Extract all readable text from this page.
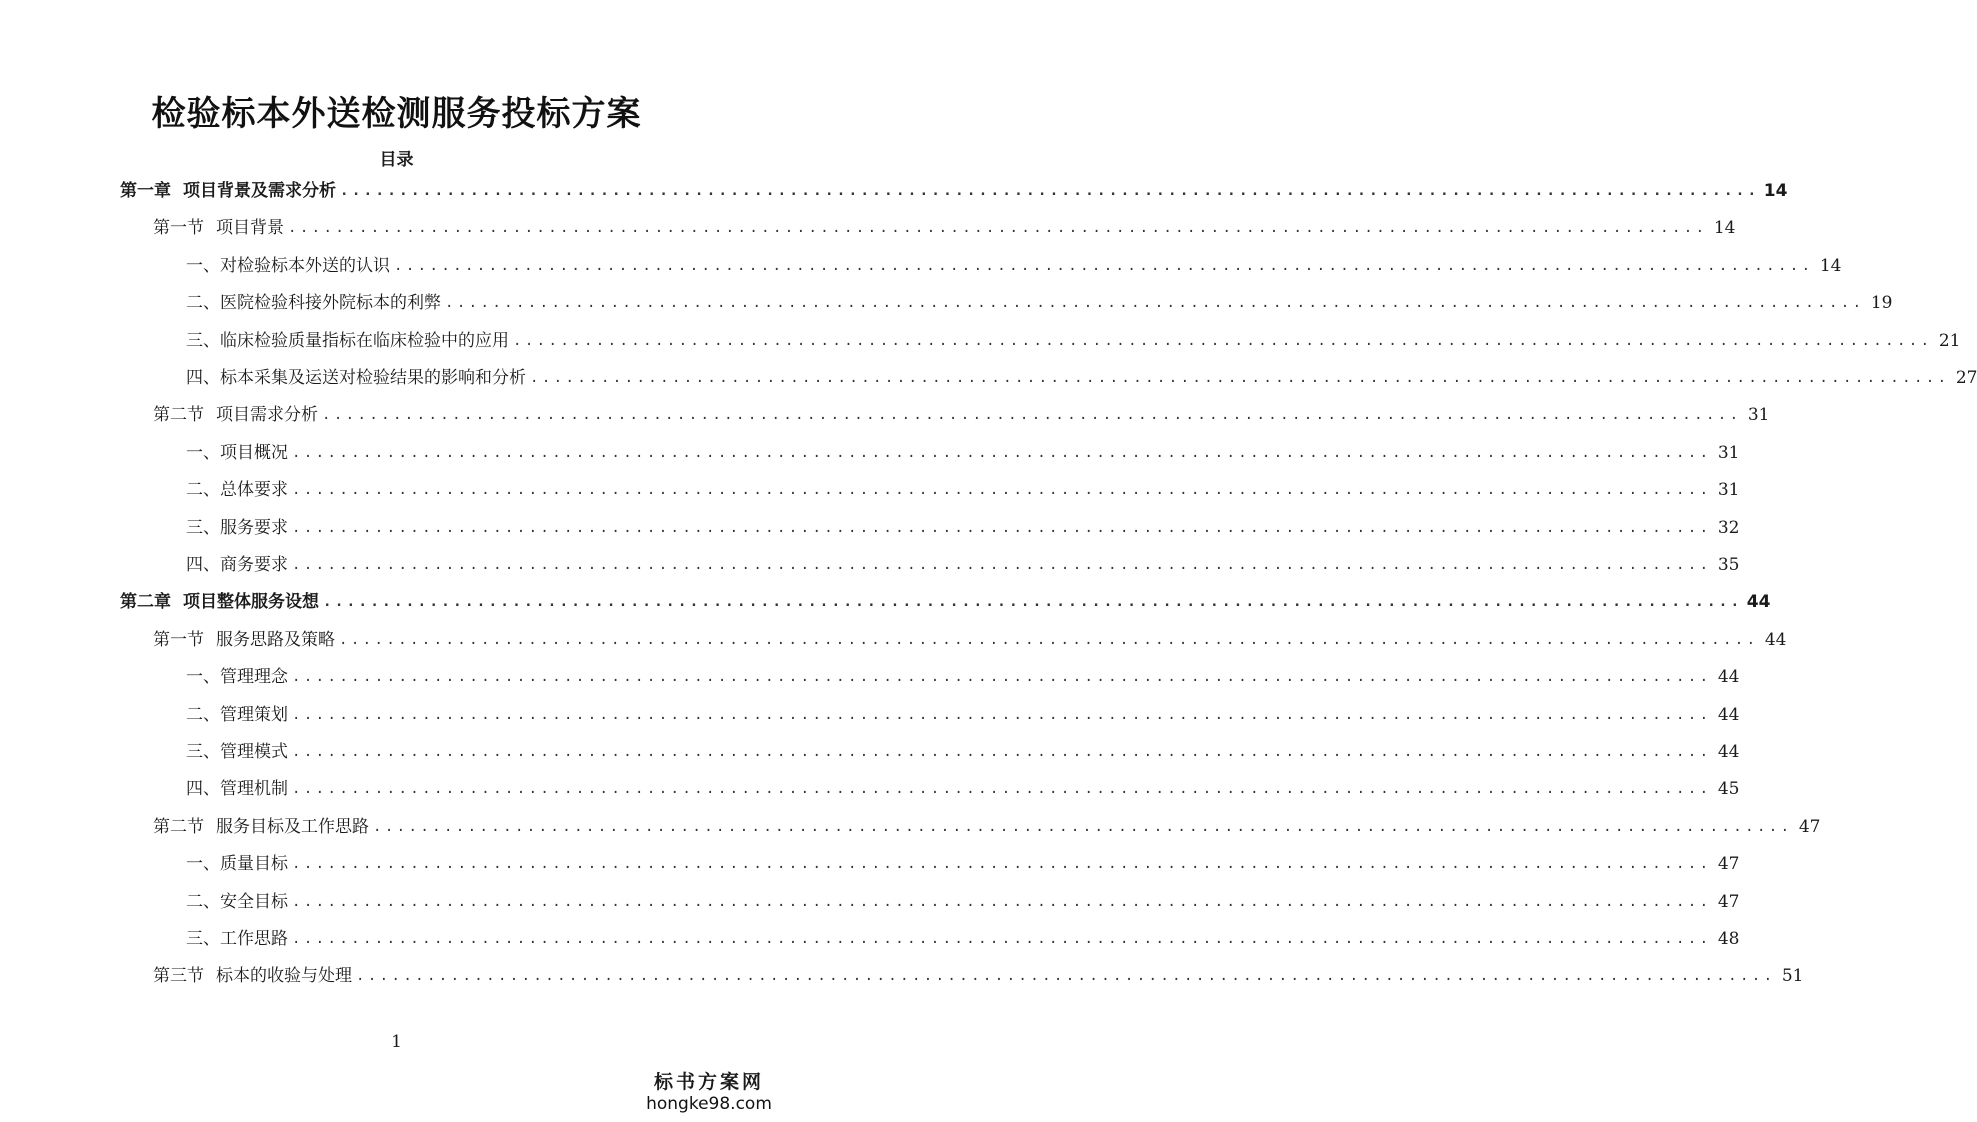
检验标本外送检测服务投标方案
目录
第一章 项目背景及需求分析 ........................................................................................................................ 14
第一节 项目背景 ........................................................................................................................ 14
一、 对检验标本外送的认识 ........................................................................................................................ 14
二、 医院检验科接外院标本的利弊 ........................................................................................................................ 19
三、 临床检验质量指标在临床检验中的应用 ........................................................................................................................ 21
四、 标本采集及运送对检验结果的影响和分析 ........................................................................................................................ 27
第二节 项目需求分析 ........................................................................................................................ 31
一、 项目概况 ........................................................................................................................ 31
二、 总体要求 ........................................................................................................................ 31
三、 服务要求 ........................................................................................................................ 32
四、 商务要求 ........................................................................................................................ 35
第二章 项目整体服务设想 ........................................................................................................................ 44
第一节 服务思路及策略 ........................................................................................................................ 44
一、 管理理念 ........................................................................................................................ 44
二、 管理策划 ........................................................................................................................ 44
三、 管理模式 ........................................................................................................................ 44
四、 管理机制 ........................................................................................................................ 45
第二节 服务目标及工作思路 ........................................................................................................................ 47
一、 质量目标 ........................................................................................................................ 47
二、 安全目标 ........................................................................................................................ 47
三、 工作思路 ........................................................................................................................ 48
第三节 标本的收验与处理 ........................................................................................................................ 51
1
标书方案网
hongke98.com
